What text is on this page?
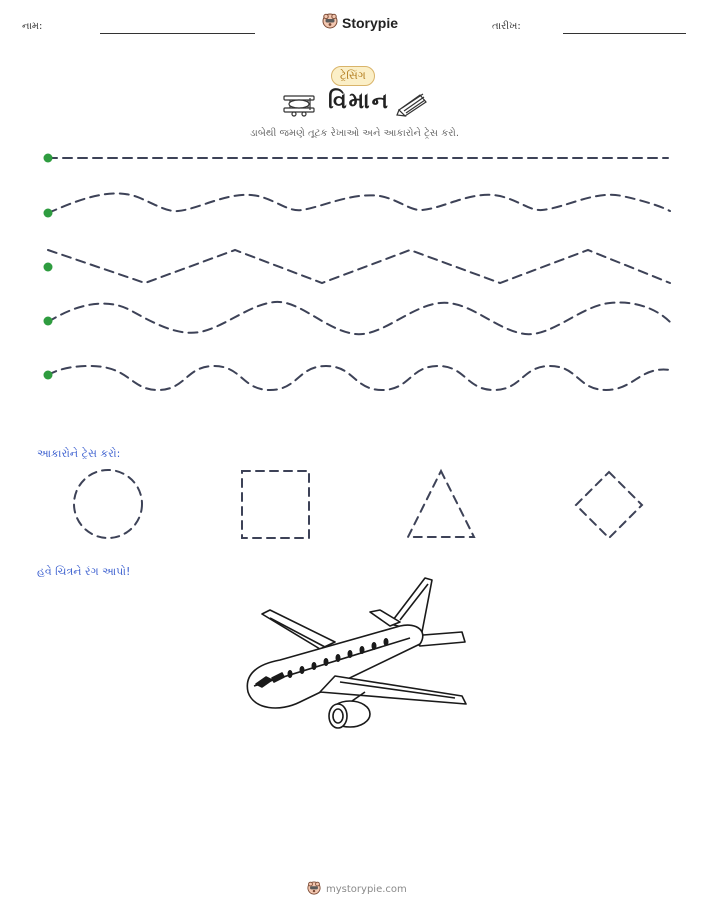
નામ:	Storypie	તારીખ:
ટ્રેસિંગ
વિમાન
ડાબેથી જમણે તૂટક રેખાઓ અને આકારોને ટ્રેસ કરો.
આકારોને ટ્રેસ કરો:
હવે ચિત્રને રંગ આપો!
mystorypie.com
